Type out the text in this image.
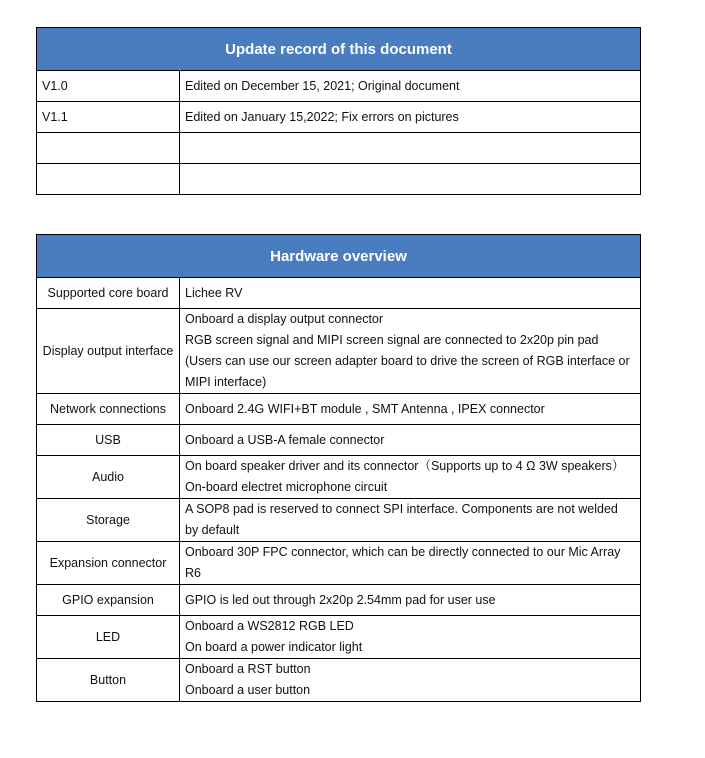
Update record of this document	
V1.0	Edited on December 15, 2021; Original document
V1.1	Edited on January 15,2022; Fix errors on pictures

Hardware overview	
Supported core board	Lichee RV

Display output interface	Onboard a display output connector
RGB screen signal and MIPI screen signal are connected to 2x20p pin pad
(Users can use our screen adapter board to drive the screen of RGB interface or
MIPI interface)

Network connections	Onboard 2.4G WIFI+BT module , SMT Antenna , IPEX connector

USB	Onboard a USB-A female connector

Audio	On board speaker driver and its connector（Supports up to 4 Ω 3W speakers）
On-board electret microphone circuit

Storage	A SOP8 pad is reserved to connect SPI interface. Components are not welded
by default

Expansion connector	Onboard 30P FPC connector, which can be directly connected to our Mic Array
R6

GPIO expansion	GPIO is led out through 2x20p 2.54mm pad for user use

LED	Onboard a WS2812 RGB LED
On board a power indicator light

Button	Onboard a RST button
Onboard a user button
